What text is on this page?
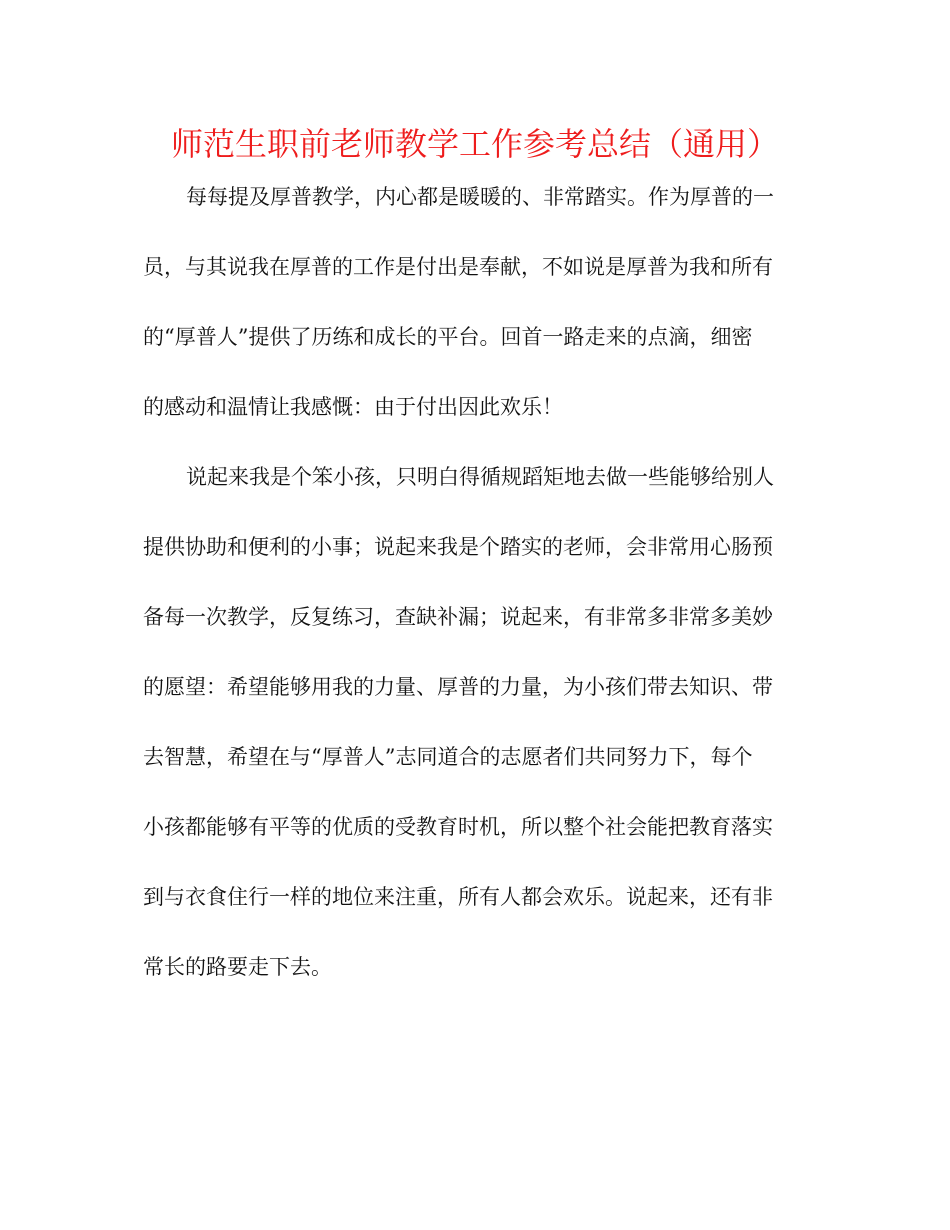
师范生职前老师教学工作参考总结（通用）
每每提及厚普教学，内心都是暖暖的、非常踏实。作为厚普的一
员，与其说我在厚普的工作是付出是奉献，不如说是厚普为我和所有
的“厚普人”提供了历练和成长的平台。回首一路走来的点滴，细密
的感动和温情让我感慨：由于付出因此欢乐！
说起来我是个笨小孩，只明白得循规蹈矩地去做一些能够给别人
提供协助和便利的小事；说起来我是个踏实的老师，会非常用心肠预
备每一次教学，反复练习，查缺补漏；说起来，有非常多非常多美妙
的愿望：希望能够用我的力量、厚普的力量，为小孩们带去知识、带
去智慧，希望在与“厚普人”志同道合的志愿者们共同努力下，每个
小孩都能够有平等的优质的受教育时机，所以整个社会能把教育落实
到与衣食住行一样的地位来注重，所有人都会欢乐。说起来，还有非
常长的路要走下去。
